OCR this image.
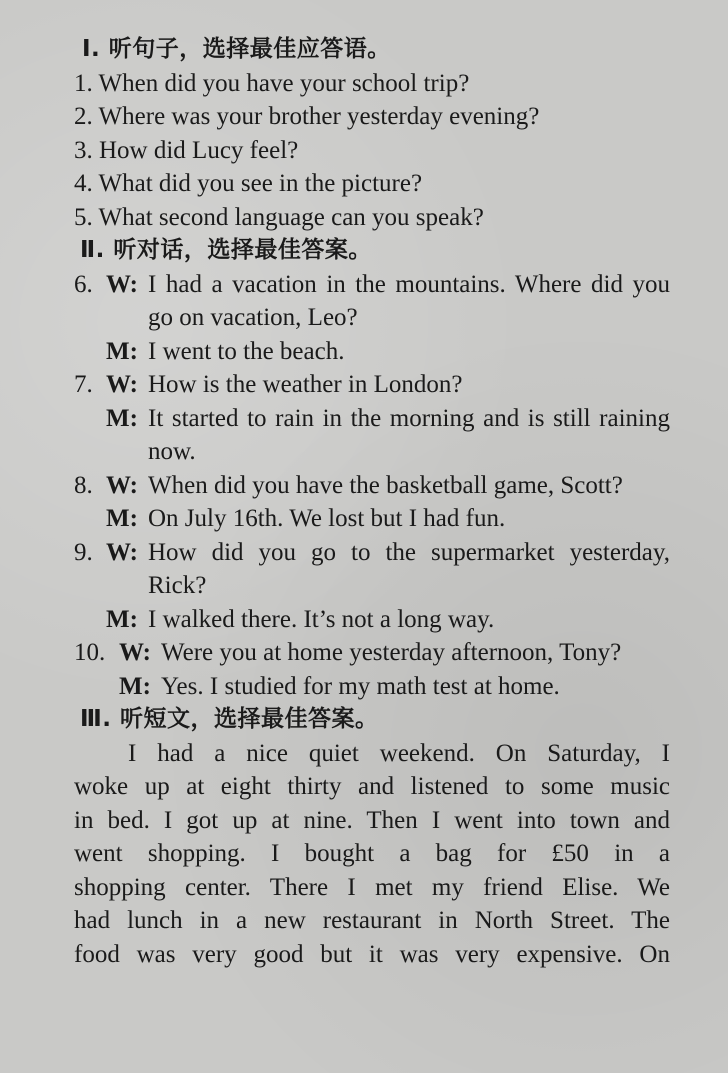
Ⅰ. 听句子，选择最佳应答语。
1. When did you have your school trip?
2. Where was your brother yesterday evening?
3. How did Lucy feel?
4. What did you see in the picture?
5. What second language can you speak?
Ⅱ. 听对话，选择最佳答案。
6. W: I had a vacation in the mountains. Where did you go on vacation, Leo?
M: I went to the beach.
7. W: How is the weather in London?
M: It started to rain in the morning and is still raining now.
8. W: When did you have the basketball game, Scott?
M: On July 16th. We lost but I had fun.
9. W: How did you go to the supermarket yesterday, Rick?
M: I walked there. It’s not a long way.
10. W: Were you at home yesterday afternoon, Tony?
M: Yes. I studied for my math test at home.
Ⅲ. 听短文，选择最佳答案。
I had a nice quiet weekend. On Saturday, I
woke up at eight thirty and listened to some music
in bed. I got up at nine. Then I went into town and
went shopping. I bought a bag for £50 in a
shopping center. There I met my friend Elise. We
had lunch in a new restaurant in North Street. The
food was very good but it was very expensive. On
